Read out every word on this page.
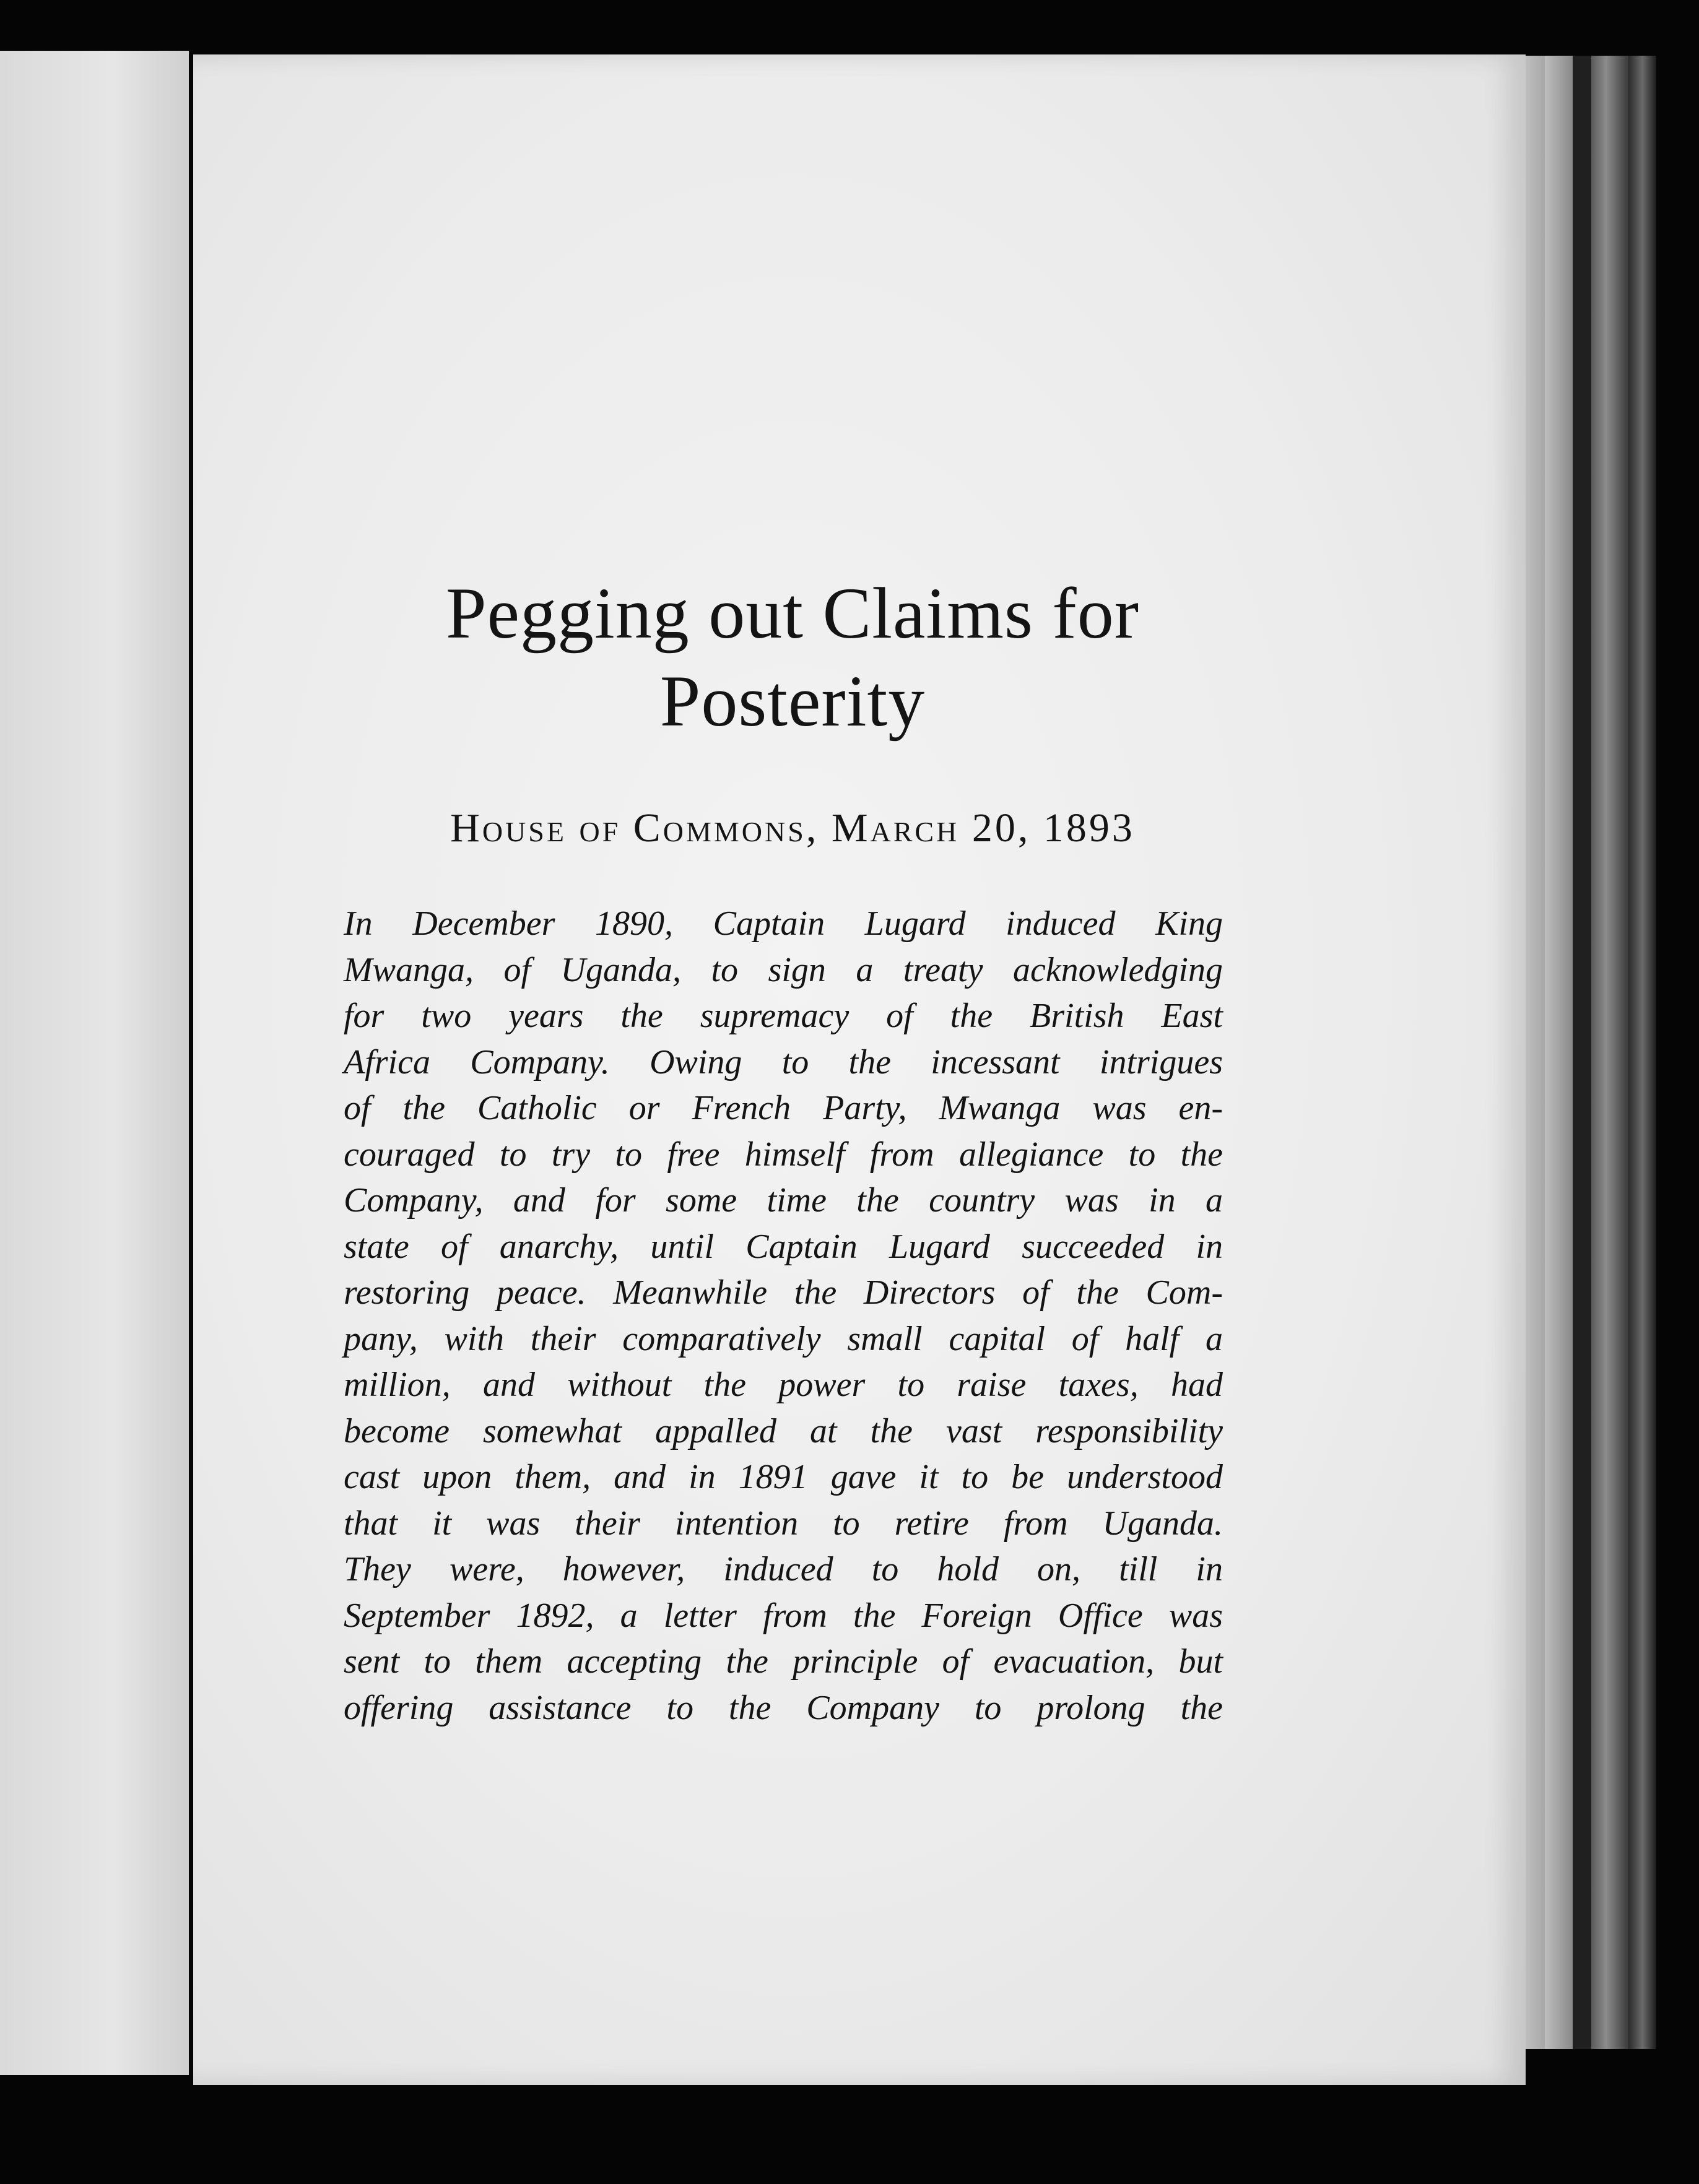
Pegging out Claims for
Posterity
House of Commons, March 20, 1893
In December 1890, Captain Lugard induced King
Mwanga, of Uganda, to sign a treaty acknowledging
for two years the supremacy of the British East
Africa Company. Owing to the incessant intrigues
of the Catholic or French Party, Mwanga was en-
couraged to try to free himself from allegiance to the
Company, and for some time the country was in a
state of anarchy, until Captain Lugard succeeded in
restoring peace. Meanwhile the Directors of the Com-
pany, with their comparatively small capital of half a
million, and without the power to raise taxes, had
become somewhat appalled at the vast responsibility
cast upon them, and in 1891 gave it to be understood
that it was their intention to retire from Uganda.
They were, however, induced to hold on, till in
September 1892, a letter from the Foreign Office was
sent to them accepting the principle of evacuation, but
offering assistance to the Company to prolong the
